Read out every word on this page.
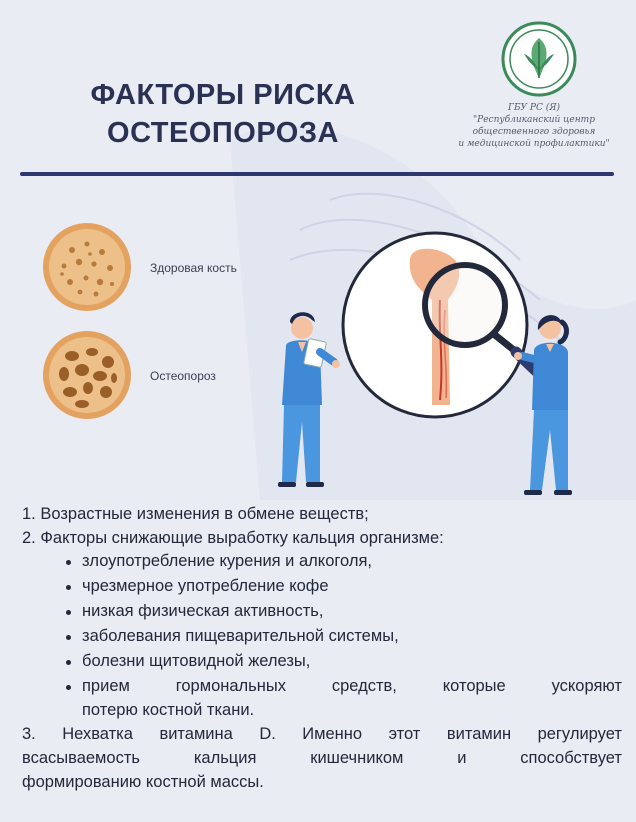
ФАКТОРЫ РИСКА
ОСТЕОПОРОЗА
ГБУ РС (Я)
"Республиканский центр
общественного здоровья
и медицинской профилактики"
Здоровая кость
Остеопороз
1. Возрастные изменения в обмене веществ;
2. Факторы снижающие выработку кальция организме:
злоупотребление курения и алкоголя,
чрезмерное употребление кофе
низкая физическая активность,
заболевания пищеварительной системы,
болезни щитовидной железы,
прием	гормональных	средств,	которые	ускоряют
потерю костной ткани.
3. Нехватка витамина D. Именно этот витамин регулирует
всасываемость	кальция	кишечником	и	способствует
формированию костной массы.
